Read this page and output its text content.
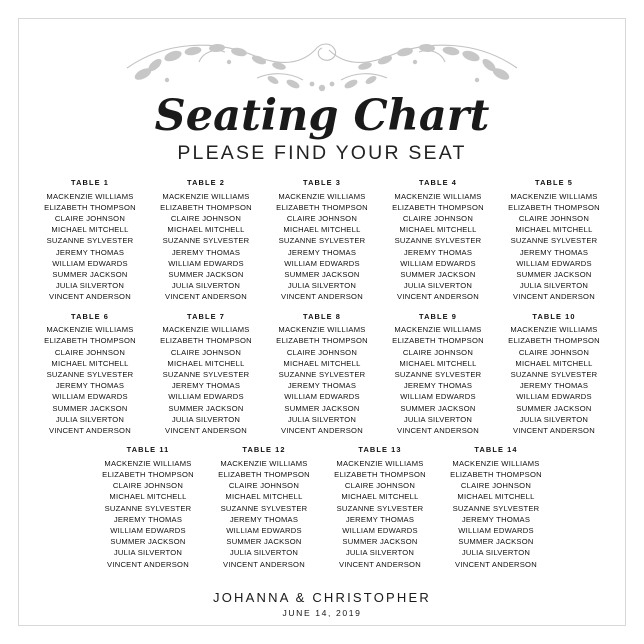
Seating Chart
PLEASE FIND YOUR SEAT
TABLE 1
MACKENZIE WILLIAMS
ELIZABETH THOMPSON
CLAIRE JOHNSON
MICHAEL MITCHELL
SUZANNE SYLVESTER
JEREMY THOMAS
WILLIAM EDWARDS
SUMMER JACKSON
JULIA SILVERTON
VINCENT ANDERSON
TABLE 2
MACKENZIE WILLIAMS
ELIZABETH THOMPSON
CLAIRE JOHNSON
MICHAEL MITCHELL
SUZANNE SYLVESTER
JEREMY THOMAS
WILLIAM EDWARDS
SUMMER JACKSON
JULIA SILVERTON
VINCENT ANDERSON
TABLE 3
MACKENZIE WILLIAMS
ELIZABETH THOMPSON
CLAIRE JOHNSON
MICHAEL MITCHELL
SUZANNE SYLVESTER
JEREMY THOMAS
WILLIAM EDWARDS
SUMMER JACKSON
JULIA SILVERTON
VINCENT ANDERSON
TABLE 4
MACKENZIE WILLIAMS
ELIZABETH THOMPSON
CLAIRE JOHNSON
MICHAEL MITCHELL
SUZANNE SYLVESTER
JEREMY THOMAS
WILLIAM EDWARDS
SUMMER JACKSON
JULIA SILVERTON
VINCENT ANDERSON
TABLE 5
MACKENZIE WILLIAMS
ELIZABETH THOMPSON
CLAIRE JOHNSON
MICHAEL MITCHELL
SUZANNE SYLVESTER
JEREMY THOMAS
WILLIAM EDWARDS
SUMMER JACKSON
JULIA SILVERTON
VINCENT ANDERSON
TABLE 6
MACKENZIE WILLIAMS
ELIZABETH THOMPSON
CLAIRE JOHNSON
MICHAEL MITCHELL
SUZANNE SYLVESTER
JEREMY THOMAS
WILLIAM EDWARDS
SUMMER JACKSON
JULIA SILVERTON
VINCENT ANDERSON
TABLE 7
MACKENZIE WILLIAMS
ELIZABETH THOMPSON
CLAIRE JOHNSON
MICHAEL MITCHELL
SUZANNE SYLVESTER
JEREMY THOMAS
WILLIAM EDWARDS
SUMMER JACKSON
JULIA SILVERTON
VINCENT ANDERSON
TABLE 8
MACKENZIE WILLIAMS
ELIZABETH THOMPSON
CLAIRE JOHNSON
MICHAEL MITCHELL
SUZANNE SYLVESTER
JEREMY THOMAS
WILLIAM EDWARDS
SUMMER JACKSON
JULIA SILVERTON
VINCENT ANDERSON
TABLE 9
MACKENZIE WILLIAMS
ELIZABETH THOMPSON
CLAIRE JOHNSON
MICHAEL MITCHELL
SUZANNE SYLVESTER
JEREMY THOMAS
WILLIAM EDWARDS
SUMMER JACKSON
JULIA SILVERTON
VINCENT ANDERSON
TABLE 10
MACKENZIE WILLIAMS
ELIZABETH THOMPSON
CLAIRE JOHNSON
MICHAEL MITCHELL
SUZANNE SYLVESTER
JEREMY THOMAS
WILLIAM EDWARDS
SUMMER JACKSON
JULIA SILVERTON
VINCENT ANDERSON
TABLE 11
MACKENZIE WILLIAMS
ELIZABETH THOMPSON
CLAIRE JOHNSON
MICHAEL MITCHELL
SUZANNE SYLVESTER
JEREMY THOMAS
WILLIAM EDWARDS
SUMMER JACKSON
JULIA SILVERTON
VINCENT ANDERSON
TABLE 12
MACKENZIE WILLIAMS
ELIZABETH THOMPSON
CLAIRE JOHNSON
MICHAEL MITCHELL
SUZANNE SYLVESTER
JEREMY THOMAS
WILLIAM EDWARDS
SUMMER JACKSON
JULIA SILVERTON
VINCENT ANDERSON
TABLE 13
MACKENZIE WILLIAMS
ELIZABETH THOMPSON
CLAIRE JOHNSON
MICHAEL MITCHELL
SUZANNE SYLVESTER
JEREMY THOMAS
WILLIAM EDWARDS
SUMMER JACKSON
JULIA SILVERTON
VINCENT ANDERSON
TABLE 14
MACKENZIE WILLIAMS
ELIZABETH THOMPSON
CLAIRE JOHNSON
MICHAEL MITCHELL
SUZANNE SYLVESTER
JEREMY THOMAS
WILLIAM EDWARDS
SUMMER JACKSON
JULIA SILVERTON
VINCENT ANDERSON
JOHANNA & CHRISTOPHER
JUNE 14, 2019
